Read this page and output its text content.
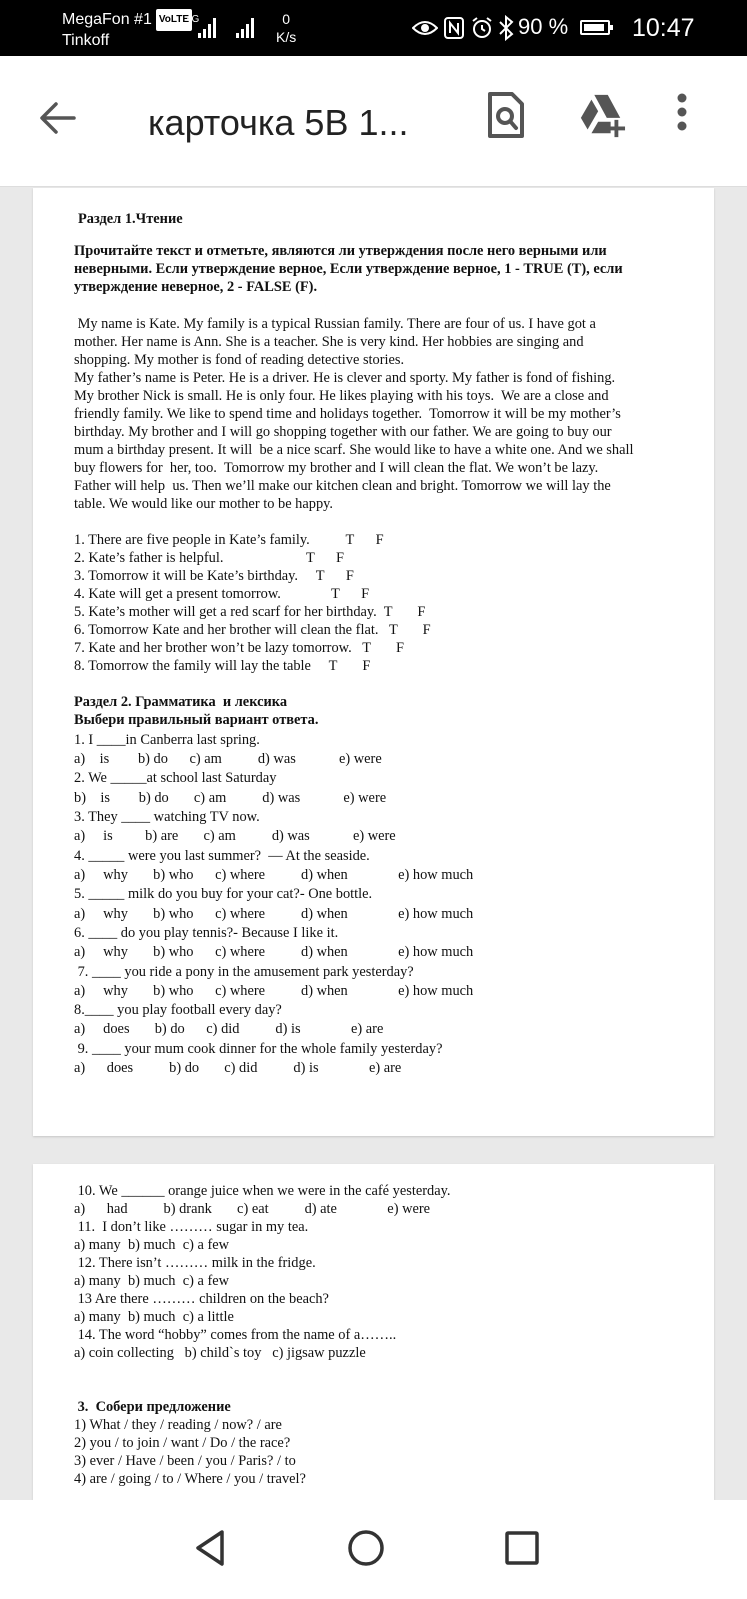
MegaFon #1 VoLTE
Tinkoff
4G	0
K/s	90 %	10:47
карточка 5В 1...
Раздел 1.Чтение
Прочитайте текст и отметьте, являются ли утверждения после него верными или
неверными. Если утверждение верное, Если утверждение верное, 1 - TRUE (T), если
утверждение неверное, 2 - FALSE (F).
My name is Kate. My family is a typical Russian family. There are four of us. I have got a
mother. Her name is Ann. She is a teacher. She is very kind. Her hobbies are singing and
shopping. My mother is fond of reading detective stories.
My father’s name is Peter. He is a driver. He is clever and sporty. My father is fond of fishing.
My brother Nick is small. He is only four. He likes playing with his toys.  We are a close and
friendly family. We like to spend time and holidays together.  Tomorrow it will be my mother’s
birthday. My brother and I will go shopping together with our father. We are going to buy our
mum a birthday present. It will  be a nice scarf. She would like to have a white one. And we shall
buy flowers for  her, too.  Tomorrow my brother and I will clean the flat. We won’t be lazy.
Father will help  us. Then we’ll make our kitchen clean and bright. Tomorrow we will lay the
table. We would like our mother to be happy.
1. There are five people in Kate’s family.          T      F
2. Kate’s father is helpful.                       T      F
3. Tomorrow it will be Kate’s birthday.     T      F
4. Kate will get a present tomorrow.              T      F
5. Kate’s mother will get a red scarf for her birthday.  T       F
6. Tomorrow Kate and her brother will clean the flat.   T       F
7. Kate and her brother won’t be lazy tomorrow.   T       F
8. Tomorrow the family will lay the table     T       F
Раздел 2. Грамматика  и лексика
Выбери правильный вариант ответа.
1. I ____in Canberra last spring.
a)    is        b) do      c) am          d) was            e) were
2. We _____at school last Saturday
b)    is        b) do       c) am          d) was            e) were
3. They ____ watching TV now.
a)     is         b) are       c) am          d) was            e) were
4. _____ were you last summer?  — At the seaside.
a)     why       b) who      c) where          d) when              e) how much
5. _____ milk do you buy for your cat?- One bottle.
a)     why       b) who      c) where          d) when              e) how much
6. ____ do you play tennis?- Because I like it.
a)     why       b) who      c) where          d) when              e) how much
7. ____ you ride a pony in the amusement park yesterday?
a)     why       b) who      c) where          d) when              e) how much
8.____ you play football every day?
a)     does       b) do      c) did          d) is              e) are
9. ____ your mum cook dinner for the whole family yesterday?
a)      does          b) do       c) did          d) is              e) are
10. We ______ orange juice when we were in the café yesterday.
a)      had          b) drank       c) eat          d) ate              e) were
11.  I don’t like ……… sugar in my tea.
a) many  b) much  c) a few
12. There isn’t ……… milk in the fridge.
a) many  b) much  c) a few
13 Are there ……… children on the beach?
a) many  b) much  c) a little
14. The word “hobby” comes from the name of a……..
a) coin collecting   b) child`s toy   c) jigsaw puzzle
3.  Собери предложение
1) What / they / reading / now? / are
2) you / to join / want / Do / the race?
3) ever / Have / been / you / Paris? / to
4) are / going / to / Where / you / travel?
